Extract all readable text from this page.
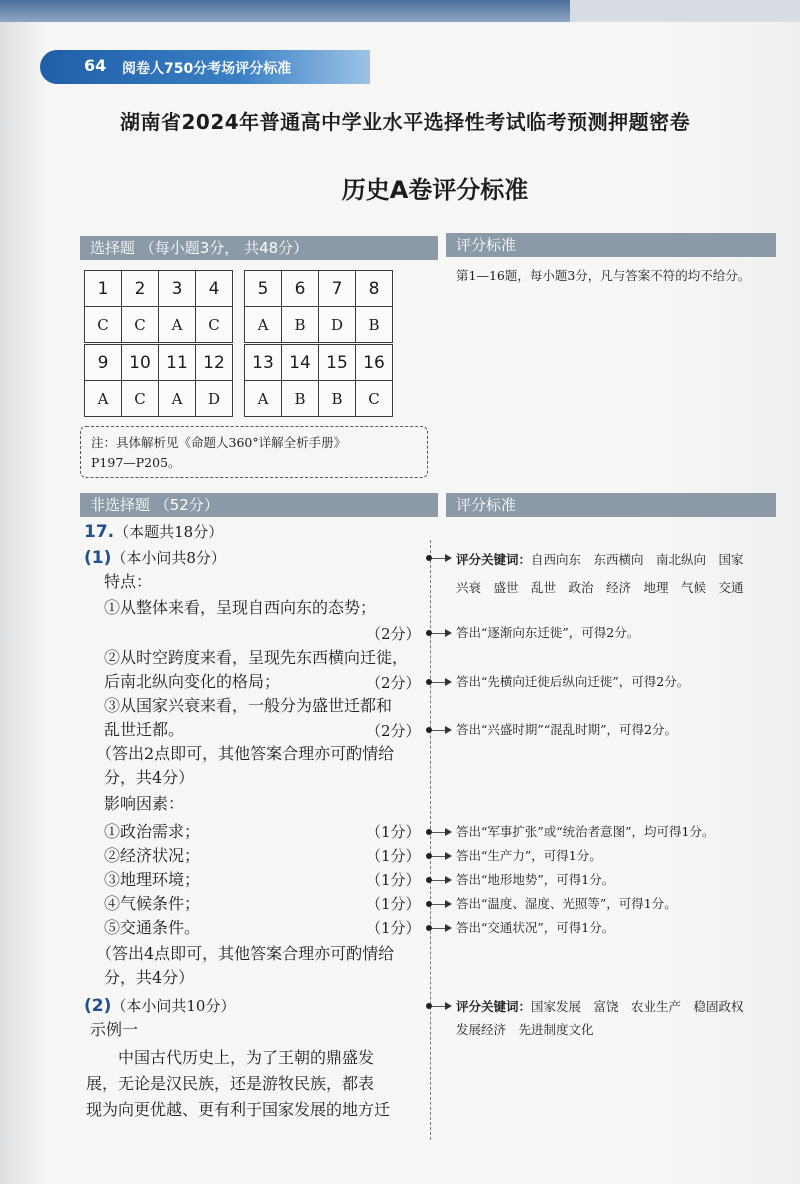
64 阅卷人750分考场评分标准
湖南省2024年普通高中学业水平选择性考试临考预测押题密卷
历史A卷评分标准
选择题 （每小题3分， 共48分）	评分标准
第1—16题，每小题3分，凡与答案不符的均不给分。
1	2	3	4
C	C	A	C
5	6	7	8
A	B	D	B
9	10	11	12
A	C	A	D
13	14	15	16
A	B	B	C
注：具体解析见《命题人360°详解全析手册》
P197—P205。
非选择题 （52分）	评分标准
17.（本题共18分）
(1)（本小问共8分）	评分关键词：自西向东　东西横向　南北纵向　国家
兴衰　盛世　乱世　政治　经济　地理　气候　交通
特点：
①从整体来看，呈现自西向东的态势；
（2分）	答出“逐渐向东迁徙”，可得2分。
②从时空跨度来看，呈现先东西横向迁徙，
后南北纵向变化的格局；	（2分）	答出“先横向迁徙后纵向迁徙”，可得2分。
③从国家兴衰来看，一般分为盛世迁都和
乱世迁都。	（2分）	答出“兴盛时期”“混乱时期”，可得2分。
（答出2点即可，其他答案合理亦可酌情给
分，共4分）
影响因素：
①政治需求；	（1分）	答出“军事扩张”或“统治者意图”，均可得1分。
②经济状况；	（1分）	答出“生产力”，可得1分。
③地理环境；	（1分）	答出“地形地势”，可得1分。
④气候条件；	（1分）	答出“温度、湿度、光照等”，可得1分。
⑤交通条件。	（1分）	答出“交通状况”，可得1分。
（答出4点即可，其他答案合理亦可酌情给
分，共4分）
(2)（本小问共10分）	评分关键词：国家发展　富饶　农业生产　稳固政权
发展经济　先进制度文化
示例一
中国古代历史上，为了王朝的鼎盛发
展，无论是汉民族，还是游牧民族，都表
现为向更优越、更有利于国家发展的地方迁
